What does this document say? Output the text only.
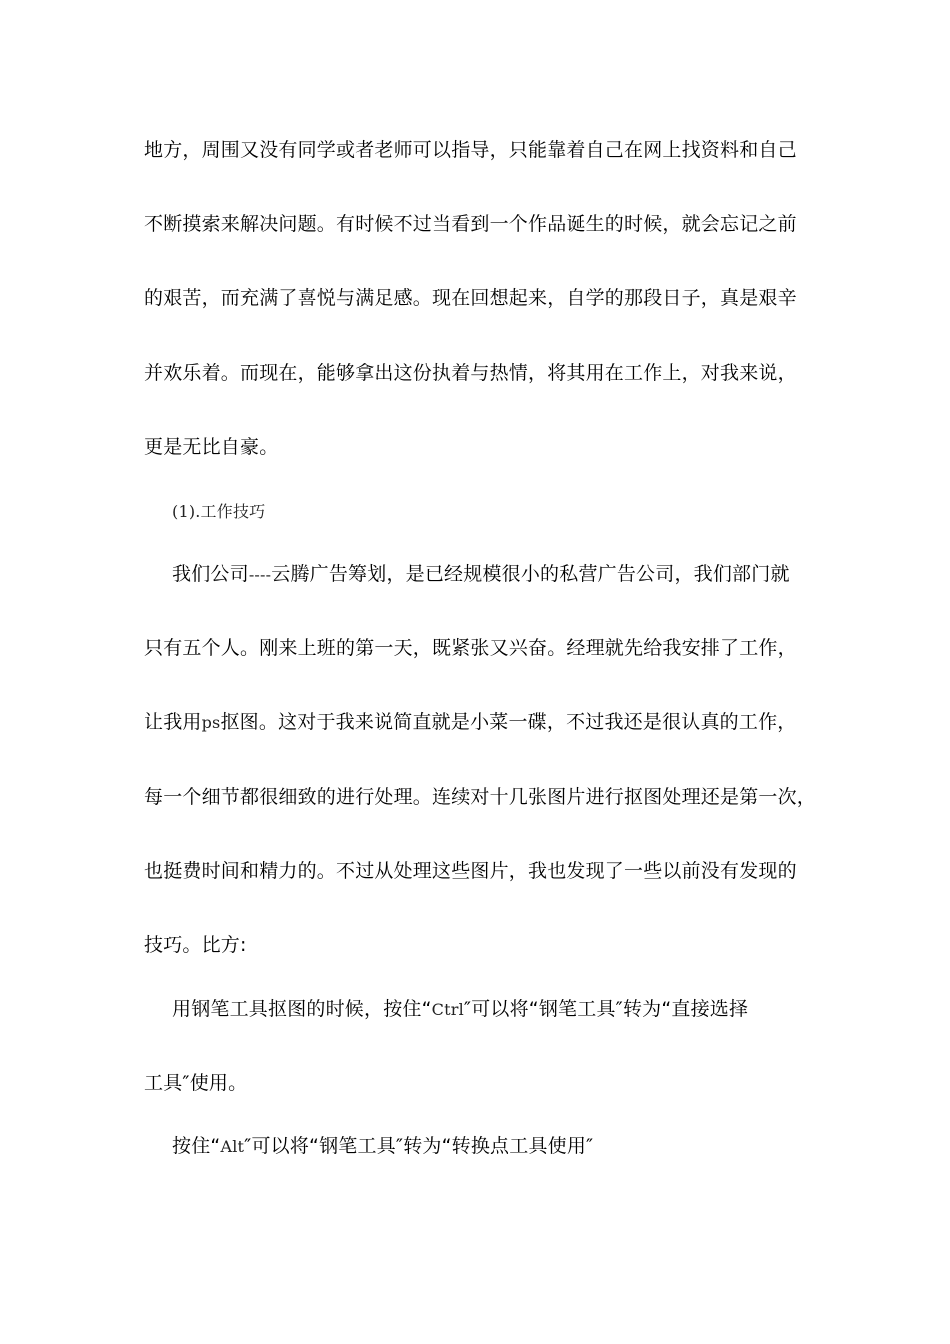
地方，周围又没有同学或者老师可以指导，只能靠着自己在网上找资料和自己
不断摸索来解决问题。有时候不过当看到一个作品诞生的时候，就会忘记之前
的艰苦，而充满了喜悦与满足感。现在回想起来，自学的那段日子，真是艰辛
并欢乐着。而现在，能够拿出这份执着与热情，将其用在工作上，对我来说，
更是无比自豪。
(1).工作技巧
我们公司----云腾广告筹划，是已经规模很小的私营广告公司，我们部门就
只有五个人。刚来上班的第一天，既紧张又兴奋。经理就先给我安排了工作，
让我用ps抠图。这对于我来说简直就是小菜一碟，不过我还是很认真的工作，
每一个细节都很细致的进行处理。连续对十几张图片进行抠图处理还是第一次，
也挺费时间和精力的。不过从处理这些图片，我也发现了一些以前没有发现的
技巧。比方:
用钢笔工具抠图的时候，按住“Ctrl″可以将“钢笔工具″转为“直接选择
工具″使用。
按住“Alt″可以将“钢笔工具″转为“转换点工具使用″
